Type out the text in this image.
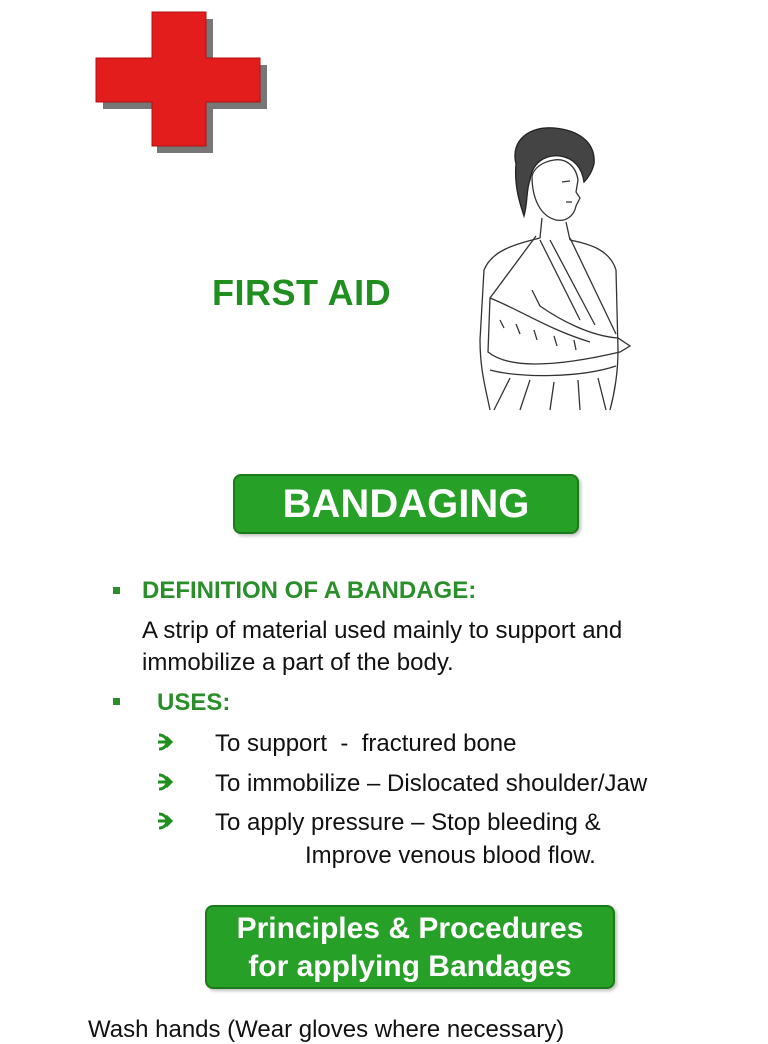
FIRST AID
BANDAGING
DEFINITION OF A BANDAGE:
A strip of material used mainly to support and
immobilize a part of the body.
USES:
To support  -  fractured bone
To immobilize – Dislocated shoulder/Jaw
To apply pressure – Stop bleeding &
Improve venous blood flow.
Principles & Procedures
for applying Bandages
Wash hands (Wear gloves where necessary)
